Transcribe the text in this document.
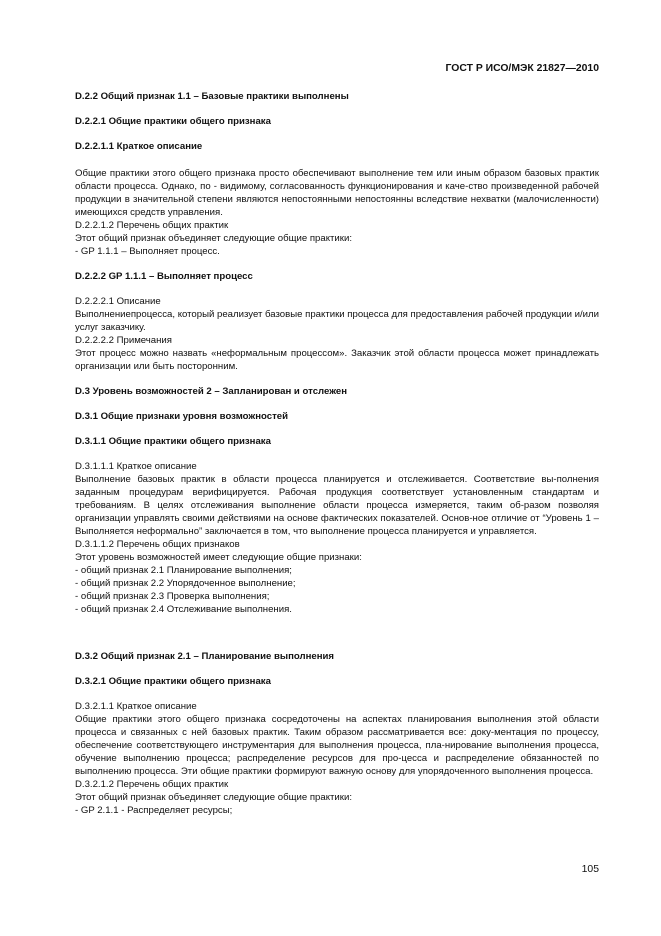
ГОСТ Р ИСО/МЭК 21827—2010

D.2.2 Общий признак 1.1 – Базовые практики выполнены

D.2.2.1 Общие практики общего признака

D.2.2.1.1 Краткое описание

Общие практики этого общего признака просто обеспечивают выполнение тем или иным образом базовых практик области процесса. Однако, по - видимому, согласованность функционирования и каче-ство произведенной рабочей продукции в значительной степени являются непостоянными непостоянны вследствие нехватки (малочисленности) имеющихся средств управления.

D.2.2.1.2 Перечень общих практик

Этот общий признак объединяет следующие общие практики:

- GP 1.1.1 – Выполняет процесс.

D.2.2.2 GP 1.1.1 – Выполняет процесс

D.2.2.2.1 Описание

Выполнениепроцесса, который реализует базовые практики процесса для предоставления рабочей продукции и/или услуг заказчику.

D.2.2.2.2 Примечания

Этот процесс можно назвать «неформальным процессом». Заказчик этой области процесса может принадлежать организации или быть посторонним.

D.3 Уровень возможностей 2 – Запланирован и отслежен

D.3.1 Общие признаки уровня возможностей

D.3.1.1 Общие практики общего признака

D.3.1.1.1 Краткое описание

Выполнение базовых практик в области процесса планируется и отслеживается. Соответствие вы-полнения заданным процедурам верифицируется. Рабочая продукция соответствует установленным стандартам и требованиям. В целях отслеживания выполнение области процесса измеряется, таким об-разом позволяя организации управлять своими действиями на основе фактических показателей. Основ-ное отличие от “Уровень 1 – Выполняется неформально” заключается в том, что выполнение процесса планируется и управляется.

D.3.1.1.2 Перечень общих признаков

Этот уровень возможностей имеет следующие общие признаки:

- общий признак 2.1 Планирование выполнения;

- общий признак 2.2 Упорядоченное выполнение;

- общий признак 2.3 Проверка выполнения;

- общий признак 2.4 Отслеживание выполнения.

D.3.2 Общий признак 2.1 – Планирование выполнения

D.3.2.1 Общие практики общего признака

D.3.2.1.1 Краткое описание

Общие практики этого общего признака сосредоточены на аспектах планирования выполнения этой области процесса и связанных с ней базовых практик. Таким образом рассматривается все: доку-ментация по процессу, обеспечение соответствующего инструментария для выполнения процесса, пла-нирование выполнения процесса, обучение выполнению процесса; распределение ресурсов для про-цесса и распределение обязанностей по выполнению процесса. Эти общие практики формируют важную основу для упорядоченного выполнения процесса.

D.3.2.1.2 Перечень общих практик

Этот общий признак объединяет следующие общие практики:

- GP 2.1.1 - Распределяет ресурсы;

105
